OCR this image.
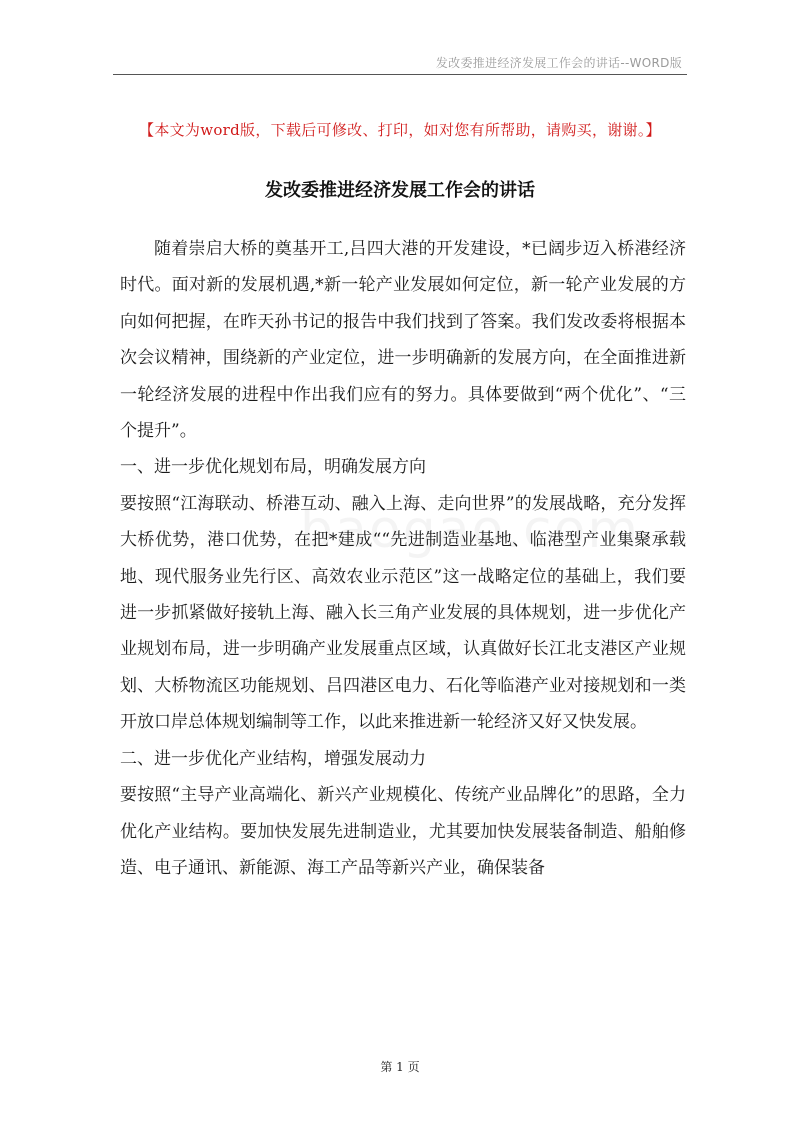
发改委推进经济发展工作会的讲话--WORD版
【本文为word版，下载后可修改、打印，如对您有所帮助，请购买，谢谢。】
发改委推进经济发展工作会的讲话

随着崇启大桥的奠基开工,吕四大港的开发建设，*已阔步迈入桥港经济时代。面对新的发展机遇,*新一轮产业发展如何定位，新一轮产业发展的方向如何把握，在昨天孙书记的报告中我们找到了答案。我们发改委将根据本次会议精神，围绕新的产业定位，进一步明确新的发展方向，在全面推进新一轮经济发展的进程中作出我们应有的努力。具体要做到“两个优化”、“三个提升”。

一、进一步优化规划布局，明确发展方向

要按照“江海联动、桥港互动、融入上海、走向世界”的发展战略，充分发挥大桥优势，港口优势，在把*建成““先进制造业基地、临港型产业集聚承载地、现代服务业先行区、高效农业示范区”这一战略定位的基础上，我们要进一步抓紧做好接轨上海、融入长三角产业发展的具体规划，进一步优化产业规划布局，进一步明确产业发展重点区域，认真做好长江北支港区产业规划、大桥物流区功能规划、吕四港区电力、石化等临港产业对接规划和一类开放口岸总体规划编制等工作，以此来推进新一轮经济又好又快发展。

二、进一步优化产业结构，增强发展动力

要按照“主导产业高端化、新兴产业规模化、传统产业品牌化”的思路，全力优化产业结构。要加快发展先进制造业，尤其要加快发展装备制造、船舶修造、电子通讯、新能源、海工产品等新兴产业，确保装备

第 1 页
